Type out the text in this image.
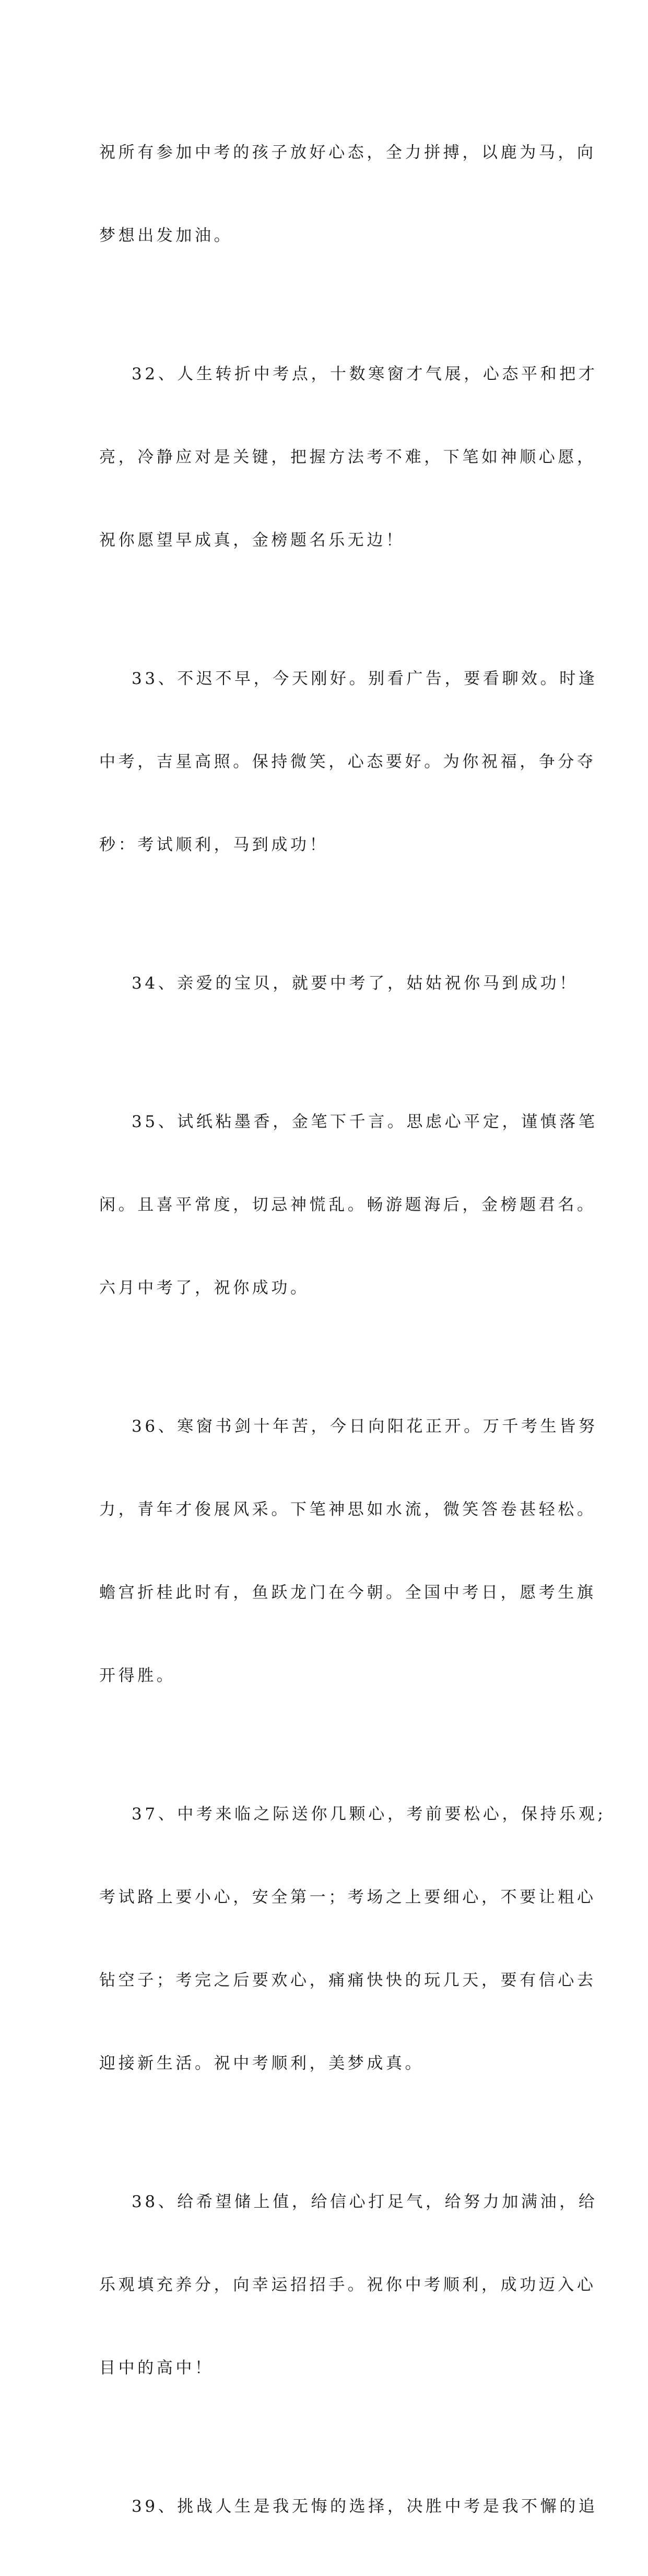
祝所有参加中考的孩子放好心态，全力拼搏，以鹿为马，向

梦想出发加油。

32、人生转折中考点，十数寒窗才气展，心态平和把才

亮，冷静应对是关键，把握方法考不难，下笔如神顺心愿，

祝你愿望早成真，金榜题名乐无边！

33、不迟不早，今天刚好。别看广告，要看聊效。时逢

中考，吉星高照。保持微笑，心态要好。为你祝福，争分夺

秒：考试顺利，马到成功！

34、亲爱的宝贝，就要中考了，姑姑祝你马到成功！

35、试纸粘墨香，金笔下千言。思虑心平定，谨慎落笔

闲。且喜平常度，切忌神慌乱。畅游题海后，金榜题君名。

六月中考了，祝你成功。

36、寒窗书剑十年苦，今日向阳花正开。万千考生皆努

力，青年才俊展风采。下笔神思如水流，微笑答卷甚轻松。

蟾宫折桂此时有，鱼跃龙门在今朝。全国中考日，愿考生旗

开得胜。

37、中考来临之际送你几颗心，考前要松心，保持乐观;

考试路上要小心，安全第一；考场之上要细心，不要让粗心

钻空子；考完之后要欢心，痛痛快快的玩几天，要有信心去

迎接新生活。祝中考顺利，美梦成真。

38、给希望储上值，给信心打足气，给努力加满油，给

乐观填充养分，向幸运招招手。祝你中考顺利，成功迈入心

目中的高中！

39、挑战人生是我无悔的选择，决胜中考是我不懈的追
